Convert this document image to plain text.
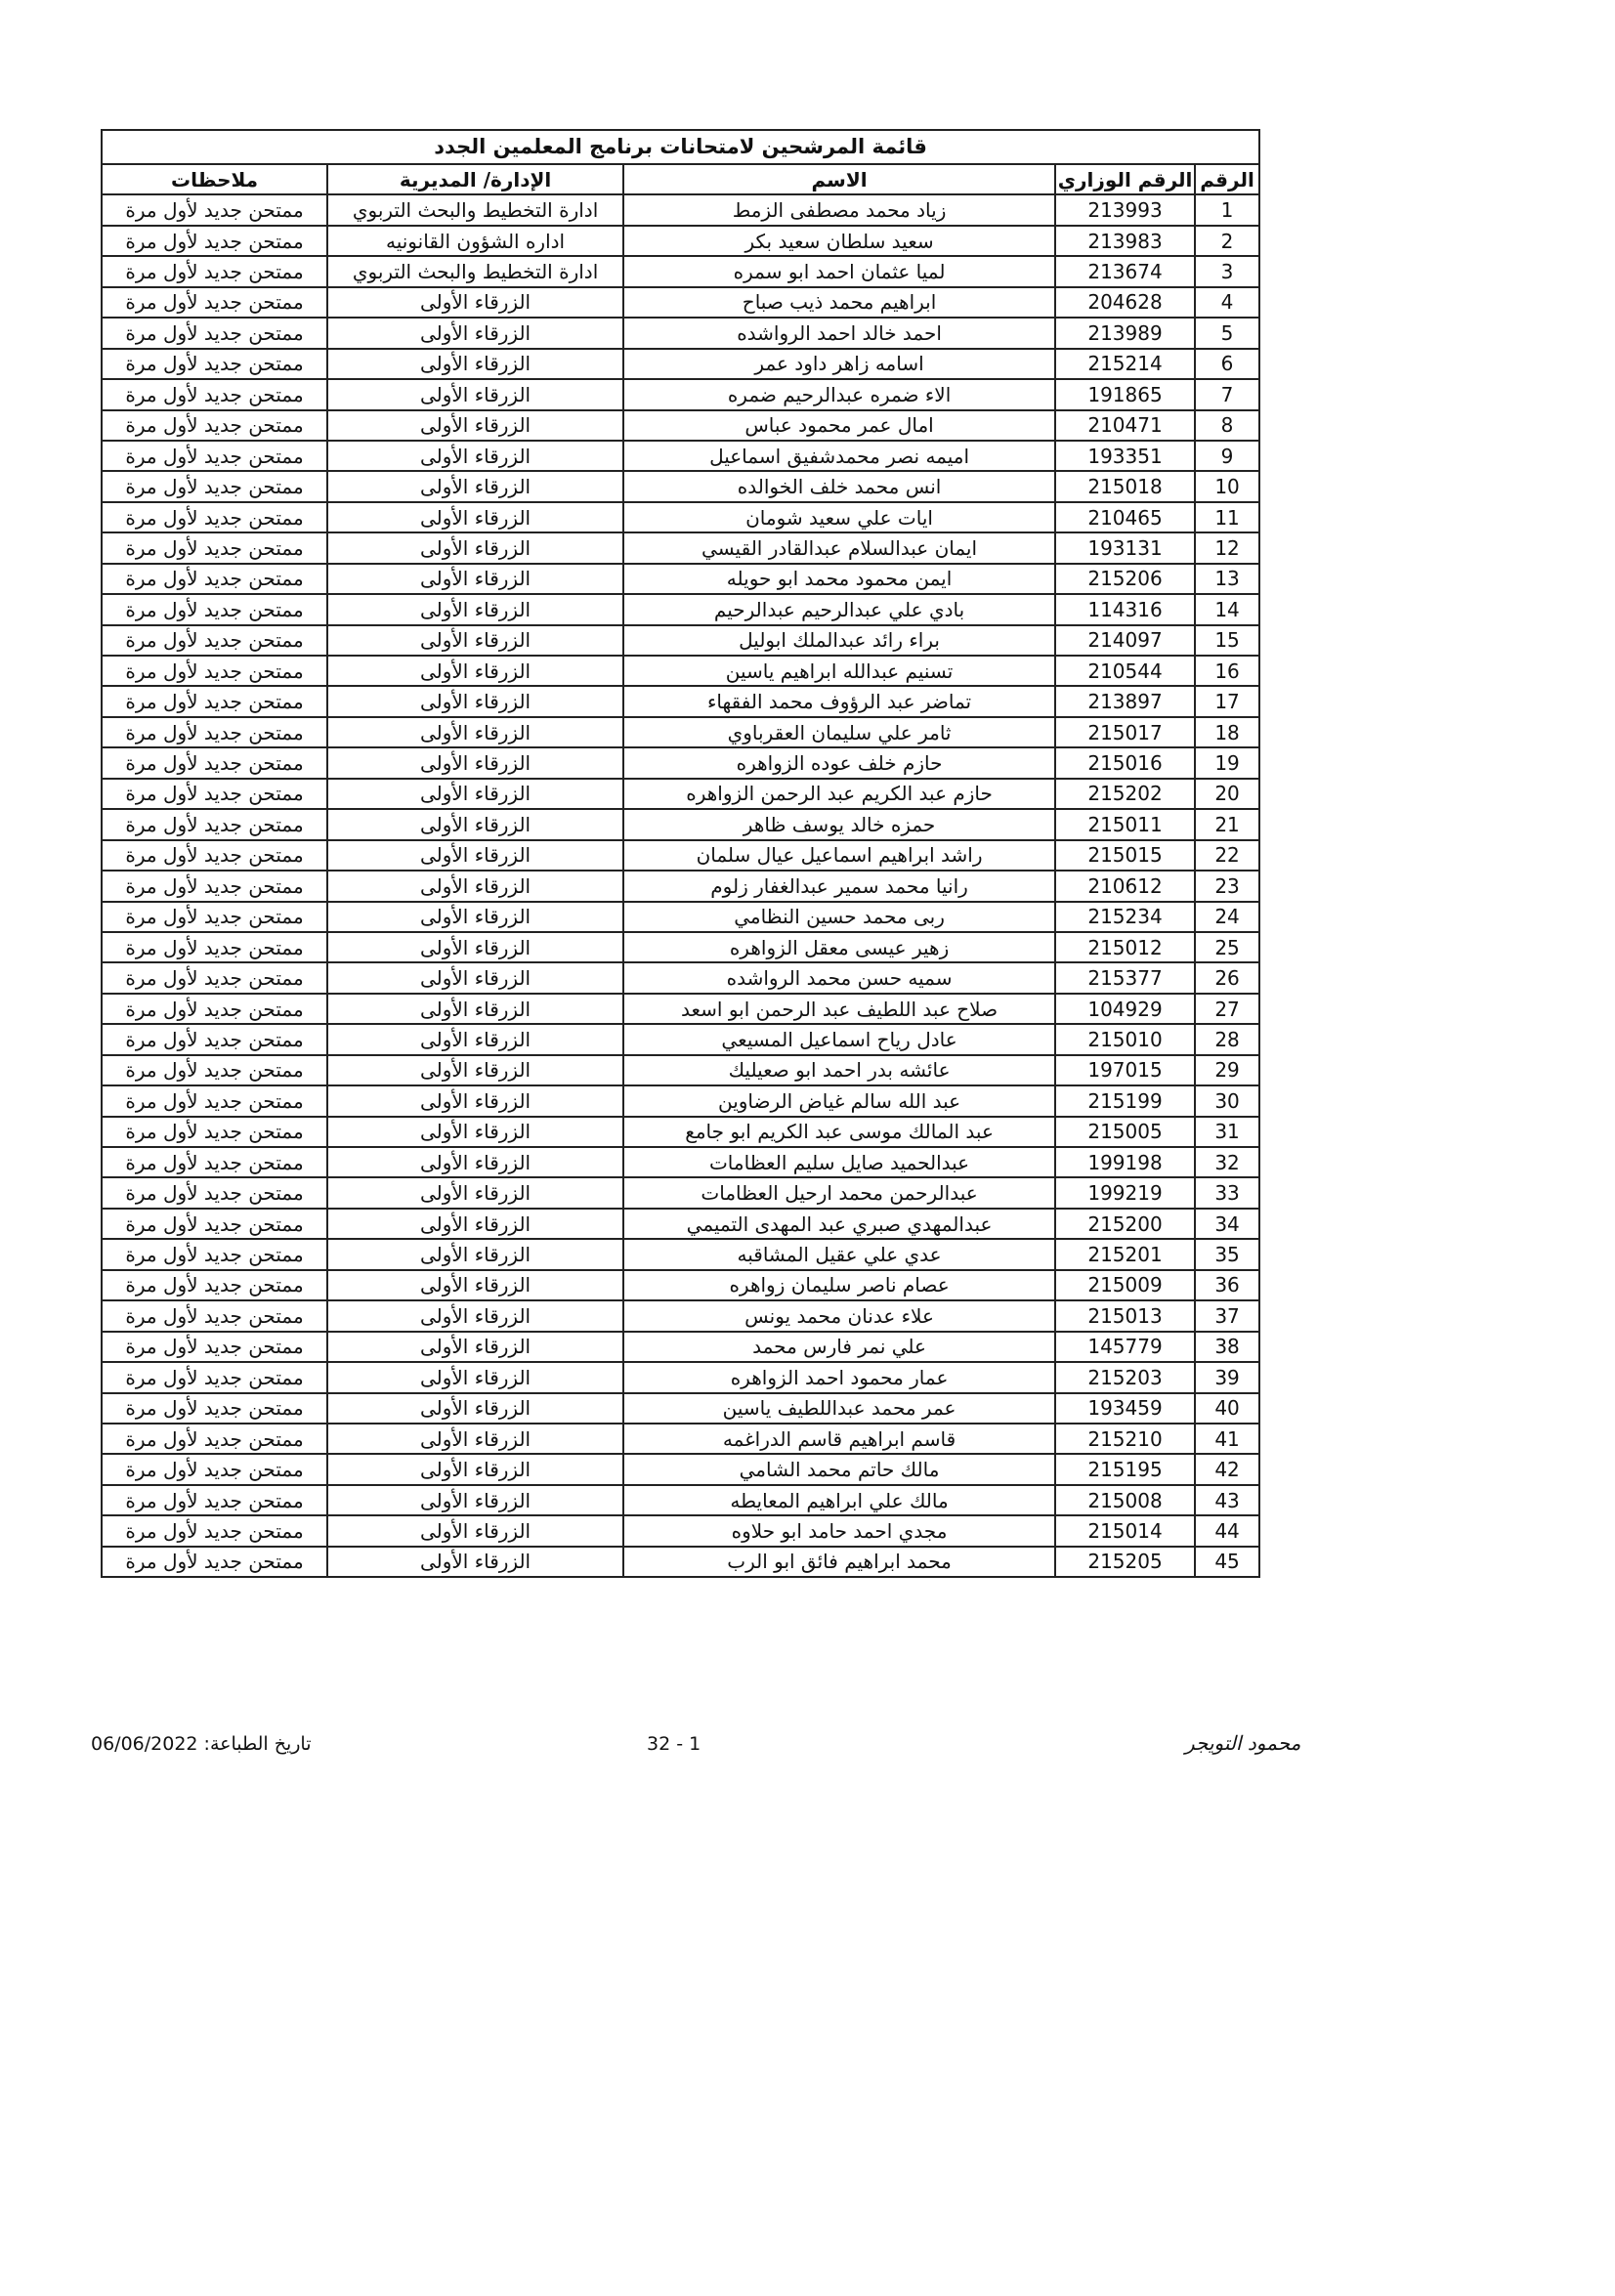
قائمة المرشحين لامتحانات برنامج المعلمين الجدد				
الرقم	الرقم الوزاري	الاسم	الإدارة/ المديرية	ملاحظات
1	213993	زياد محمد مصطفى الزمط	ادارة التخطيط والبحث التربوي	ممتحن جديد لأول مرة
2	213983	سعيد سلطان سعيد بكر	اداره الشؤون القانونيه	ممتحن جديد لأول مرة
3	213674	لميا عثمان احمد ابو سمره	ادارة التخطيط والبحث التربوي	ممتحن جديد لأول مرة
4	204628	ابراهيم محمد ذيب صباح	الزرقاء الأولى	ممتحن جديد لأول مرة
5	213989	احمد خالد احمد الرواشده	الزرقاء الأولى	ممتحن جديد لأول مرة
6	215214	اسامه زاهر داود عمر	الزرقاء الأولى	ممتحن جديد لأول مرة
7	191865	الاء ضمره عبدالرحيم ضمره	الزرقاء الأولى	ممتحن جديد لأول مرة
8	210471	امال عمر محمود عباس	الزرقاء الأولى	ممتحن جديد لأول مرة
9	193351	اميمه نصر محمدشفيق اسماعيل	الزرقاء الأولى	ممتحن جديد لأول مرة
10	215018	انس محمد خلف الخوالده	الزرقاء الأولى	ممتحن جديد لأول مرة
11	210465	ايات علي سعيد شومان	الزرقاء الأولى	ممتحن جديد لأول مرة
12	193131	ايمان عبدالسلام عبدالقادر القيسي	الزرقاء الأولى	ممتحن جديد لأول مرة
13	215206	ايمن محمود محمد ابو حويله	الزرقاء الأولى	ممتحن جديد لأول مرة
14	114316	بادي علي عبدالرحيم عبدالرحيم	الزرقاء الأولى	ممتحن جديد لأول مرة
15	214097	براء رائد عبدالملك ابوليل	الزرقاء الأولى	ممتحن جديد لأول مرة
16	210544	تسنيم عبدالله ابراهيم ياسين	الزرقاء الأولى	ممتحن جديد لأول مرة
17	213897	تماضر عبد الرؤوف محمد الفقهاء	الزرقاء الأولى	ممتحن جديد لأول مرة
18	215017	ثامر علي سليمان العقرباوي	الزرقاء الأولى	ممتحن جديد لأول مرة
19	215016	حازم خلف عوده الزواهره	الزرقاء الأولى	ممتحن جديد لأول مرة
20	215202	حازم عبد الكريم عبد الرحمن الزواهره	الزرقاء الأولى	ممتحن جديد لأول مرة
21	215011	حمزه خالد يوسف ظاهر	الزرقاء الأولى	ممتحن جديد لأول مرة
22	215015	راشد ابراهيم اسماعيل عيال سلمان	الزرقاء الأولى	ممتحن جديد لأول مرة
23	210612	رانيا محمد سمير عبدالغفار زلوم	الزرقاء الأولى	ممتحن جديد لأول مرة
24	215234	ربى محمد حسين النظامي	الزرقاء الأولى	ممتحن جديد لأول مرة
25	215012	زهير عيسى معقل الزواهره	الزرقاء الأولى	ممتحن جديد لأول مرة
26	215377	سميه حسن محمد الرواشده	الزرقاء الأولى	ممتحن جديد لأول مرة
27	104929	صلاح عبد اللطيف عبد الرحمن ابو اسعد	الزرقاء الأولى	ممتحن جديد لأول مرة
28	215010	عادل رياح اسماعيل المسيعي	الزرقاء الأولى	ممتحن جديد لأول مرة
29	197015	عائشه بدر احمد ابو صعيليك	الزرقاء الأولى	ممتحن جديد لأول مرة
30	215199	عبد الله سالم غياض الرضاوين	الزرقاء الأولى	ممتحن جديد لأول مرة
31	215005	عبد المالك موسى عبد الكريم ابو جامع	الزرقاء الأولى	ممتحن جديد لأول مرة
32	199198	عبدالحميد صايل سليم العظامات	الزرقاء الأولى	ممتحن جديد لأول مرة
33	199219	عبدالرحمن محمد ارحيل العظامات	الزرقاء الأولى	ممتحن جديد لأول مرة
34	215200	عبدالمهدي صبري عبد المهدى التميمي	الزرقاء الأولى	ممتحن جديد لأول مرة
35	215201	عدي علي عقيل المشاقبه	الزرقاء الأولى	ممتحن جديد لأول مرة
36	215009	عصام ناصر سليمان زواهره	الزرقاء الأولى	ممتحن جديد لأول مرة
37	215013	علاء عدنان محمد يونس	الزرقاء الأولى	ممتحن جديد لأول مرة
38	145779	علي نمر فارس محمد	الزرقاء الأولى	ممتحن جديد لأول مرة
39	215203	عمار محمود احمد الزواهره	الزرقاء الأولى	ممتحن جديد لأول مرة
40	193459	عمر محمد عبداللطيف ياسين	الزرقاء الأولى	ممتحن جديد لأول مرة
41	215210	قاسم ابراهيم قاسم الدراغمه	الزرقاء الأولى	ممتحن جديد لأول مرة
42	215195	مالك حاتم محمد الشامي	الزرقاء الأولى	ممتحن جديد لأول مرة
43	215008	مالك علي ابراهيم المعايطه	الزرقاء الأولى	ممتحن جديد لأول مرة
44	215014	مجدي احمد حامد ابو حلاوه	الزرقاء الأولى	ممتحن جديد لأول مرة
45	215205	محمد ابراهيم فائق ابو الرب	الزرقاء الأولى	ممتحن جديد لأول مرة
تاريخ الطباعة: 06/06/2022	32 - 1	محمود التويجر
